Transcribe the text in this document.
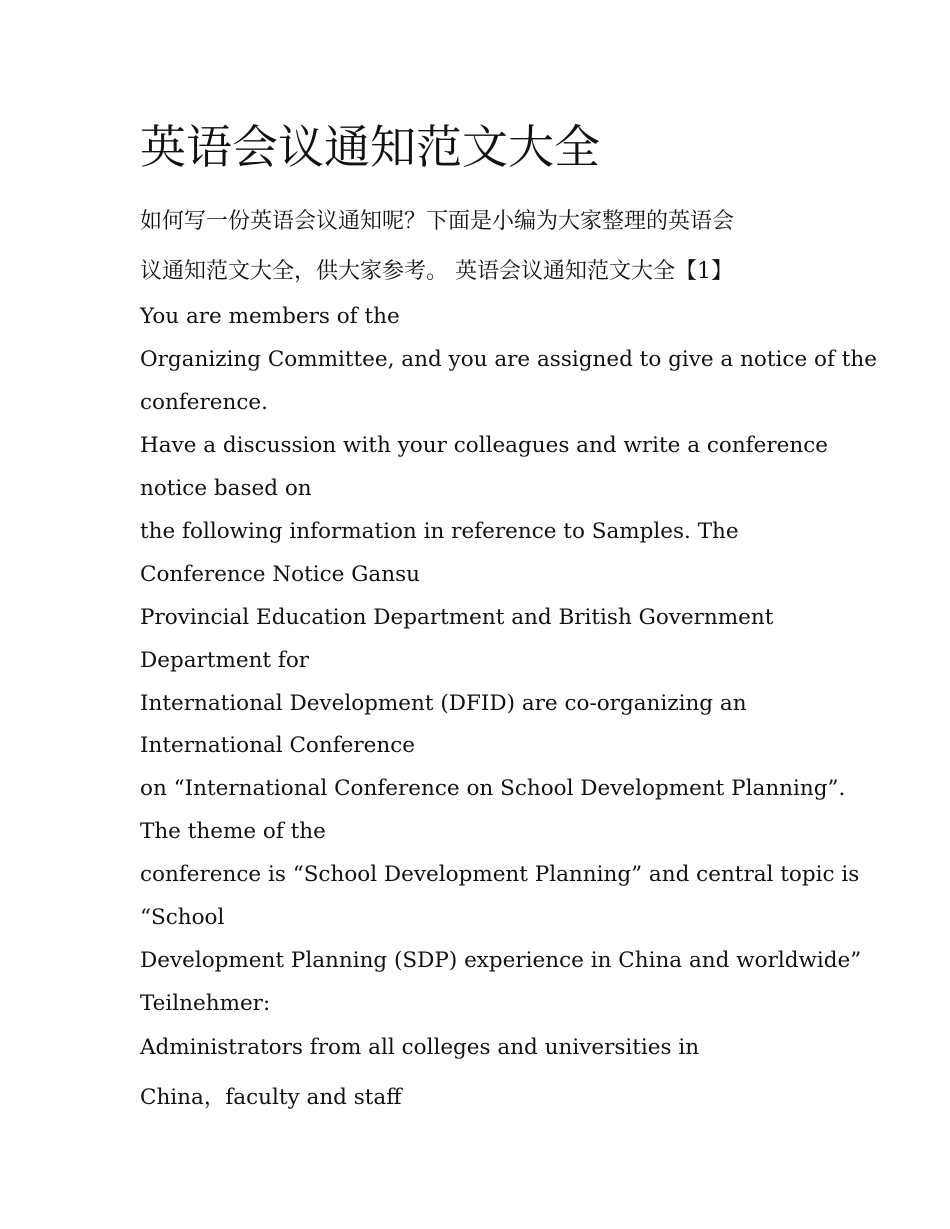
英语会议通知范文大全

如何写一份英语会议通知呢？下面是小编为大家整理的英语会

议通知范文大全，供大家参考。 英语会议通知范文大全【1】

You are members of the

Organizing Committee, and you are assigned to give a notice of the

conference.

Have a discussion with your colleagues and write a conference

notice based on

the following information in reference to Samples. The

Conference Notice Gansu

Provincial Education Department and British Government

Department for

International Development (DFID) are co-organizing an

International Conference

on “International Conference on School Development Planning”.

The theme of the

conference is “School Development Planning” and central topic is

“School

Development Planning (SDP) experience in China and worldwide”

Teilnehmer:

Administrators from all colleges and universities in

China，faculty and staff
